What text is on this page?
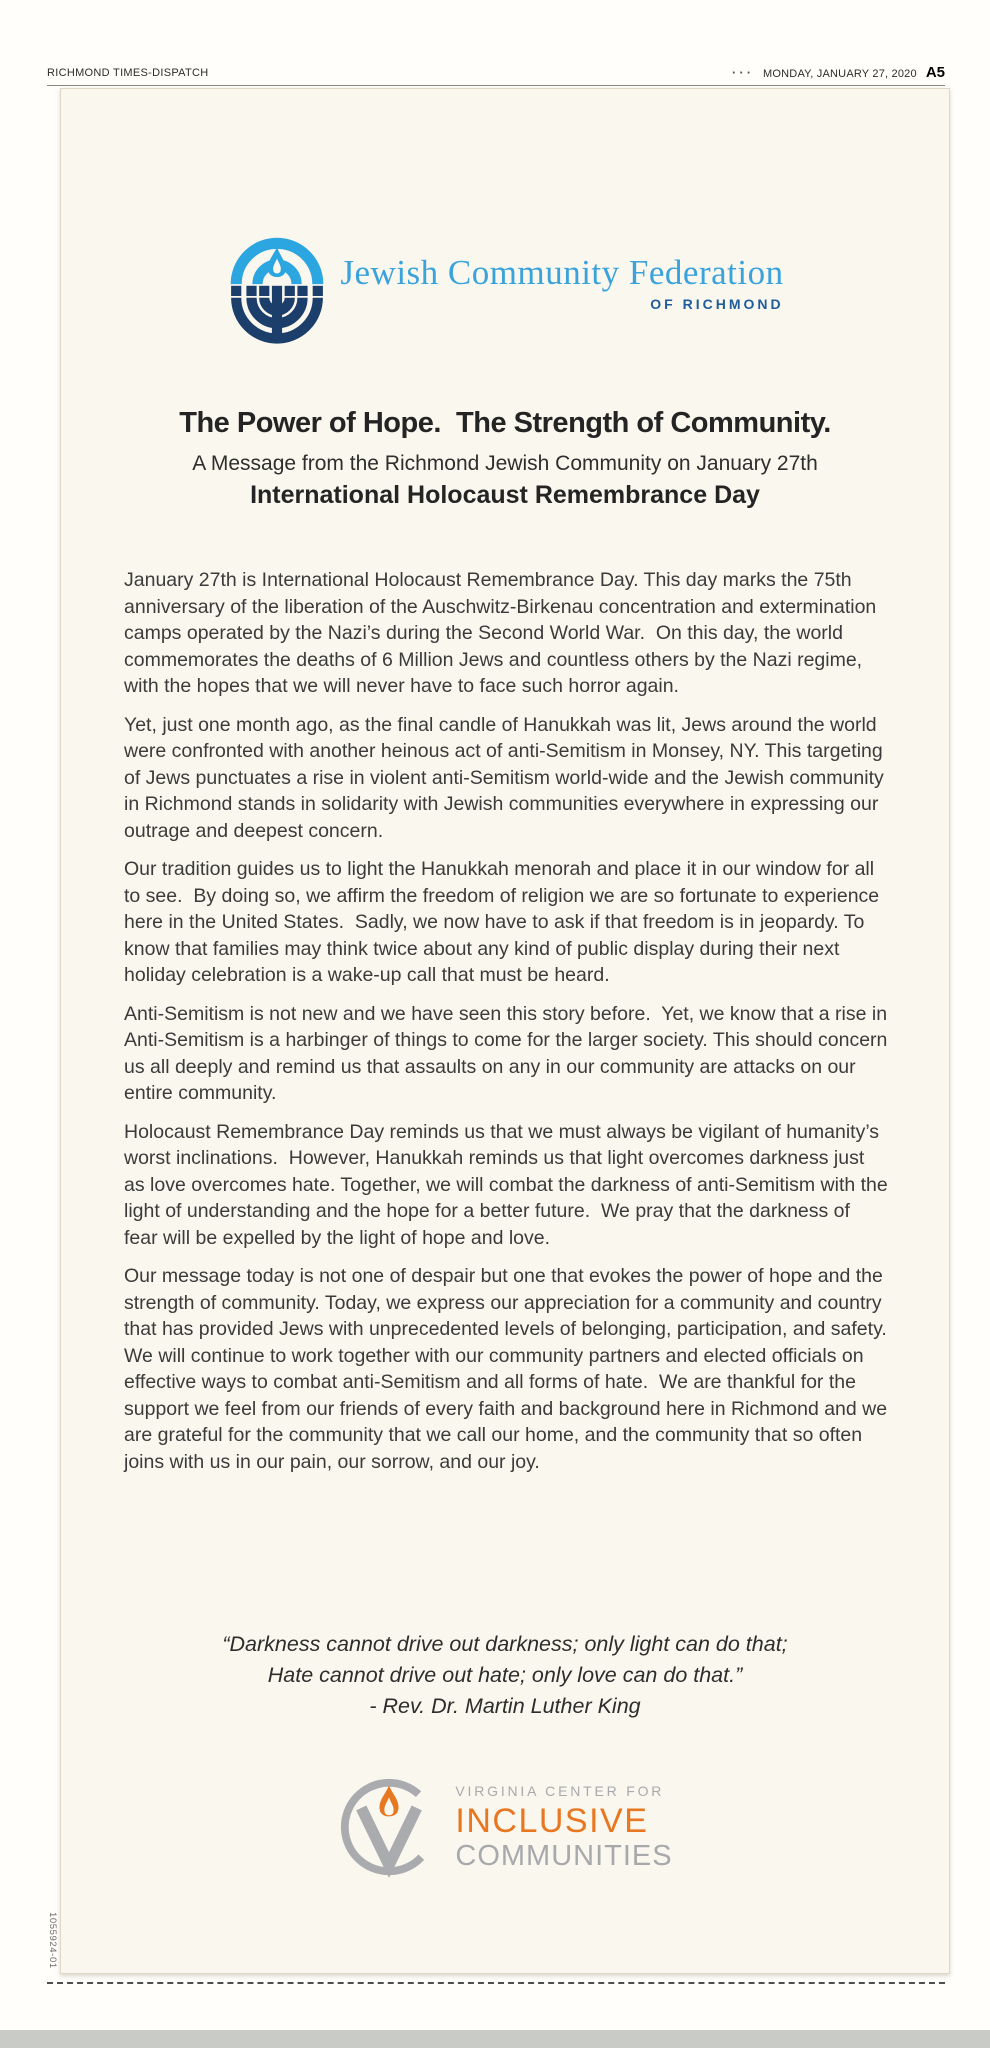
RICHMOND TIMES-DISPATCH	··· MONDAY, JANUARY 27, 2020 A5
Jewish Community Federation
OF RICHMOND
The Power of Hope.  The Strength of Community.
A Message from the Richmond Jewish Community on January 27th
International Holocaust Remembrance Day

January 27th is International Holocaust Remembrance Day. This day marks the 75th anniversary of the liberation of the Auschwitz-Birkenau concentration and extermination camps operated by the Nazi’s during the Second World War.  On this day, the world commemorates the deaths of 6 Million Jews and countless others by the Nazi regime, with the hopes that we will never have to face such horror again.

Yet, just one month ago, as the final candle of Hanukkah was lit, Jews around the world were confronted with another heinous act of anti-Semitism in Monsey, NY. This targeting of Jews punctuates a rise in violent anti-Semitism world-wide and the Jewish community in Richmond stands in solidarity with Jewish communities everywhere in expressing our outrage and deepest concern.

Our tradition guides us to light the Hanukkah menorah and place it in our window for all to see.  By doing so, we affirm the freedom of religion we are so fortunate to experience here in the United States.  Sadly, we now have to ask if that freedom is in jeopardy. To know that families may think twice about any kind of public display during their next holiday celebration is a wake-up call that must be heard.

Anti-Semitism is not new and we have seen this story before.  Yet, we know that a rise in Anti-Semitism is a harbinger of things to come for the larger society. This should concern us all deeply and remind us that assaults on any in our community are attacks on our entire community.

Holocaust Remembrance Day reminds us that we must always be vigilant of humanity’s worst inclinations.  However, Hanukkah reminds us that light overcomes darkness just as love overcomes hate. Together, we will combat the darkness of anti-Semitism with the light of understanding and the hope for a better future.  We pray that the darkness of fear will be expelled by the light of hope and love.

Our message today is not one of despair but one that evokes the power of hope and the strength of community. Today, we express our appreciation for a community and country that has provided Jews with unprecedented levels of belonging, participation, and safety.  We will continue to work together with our community partners and elected officials on effective ways to combat anti-Semitism and all forms of hate.  We are thankful for the support we feel from our friends of every faith and background here in Richmond and we are grateful for the community that we call our home, and the community that so often joins with us in our pain, our sorrow, and our joy.

“Darkness cannot drive out darkness; only light can do that;
Hate cannot drive out hate; only love can do that.”
- Rev. Dr. Martin Luther King
VIRGINIA CENTER FOR
INCLUSIVE
COMMUNITIES
1055924-01
